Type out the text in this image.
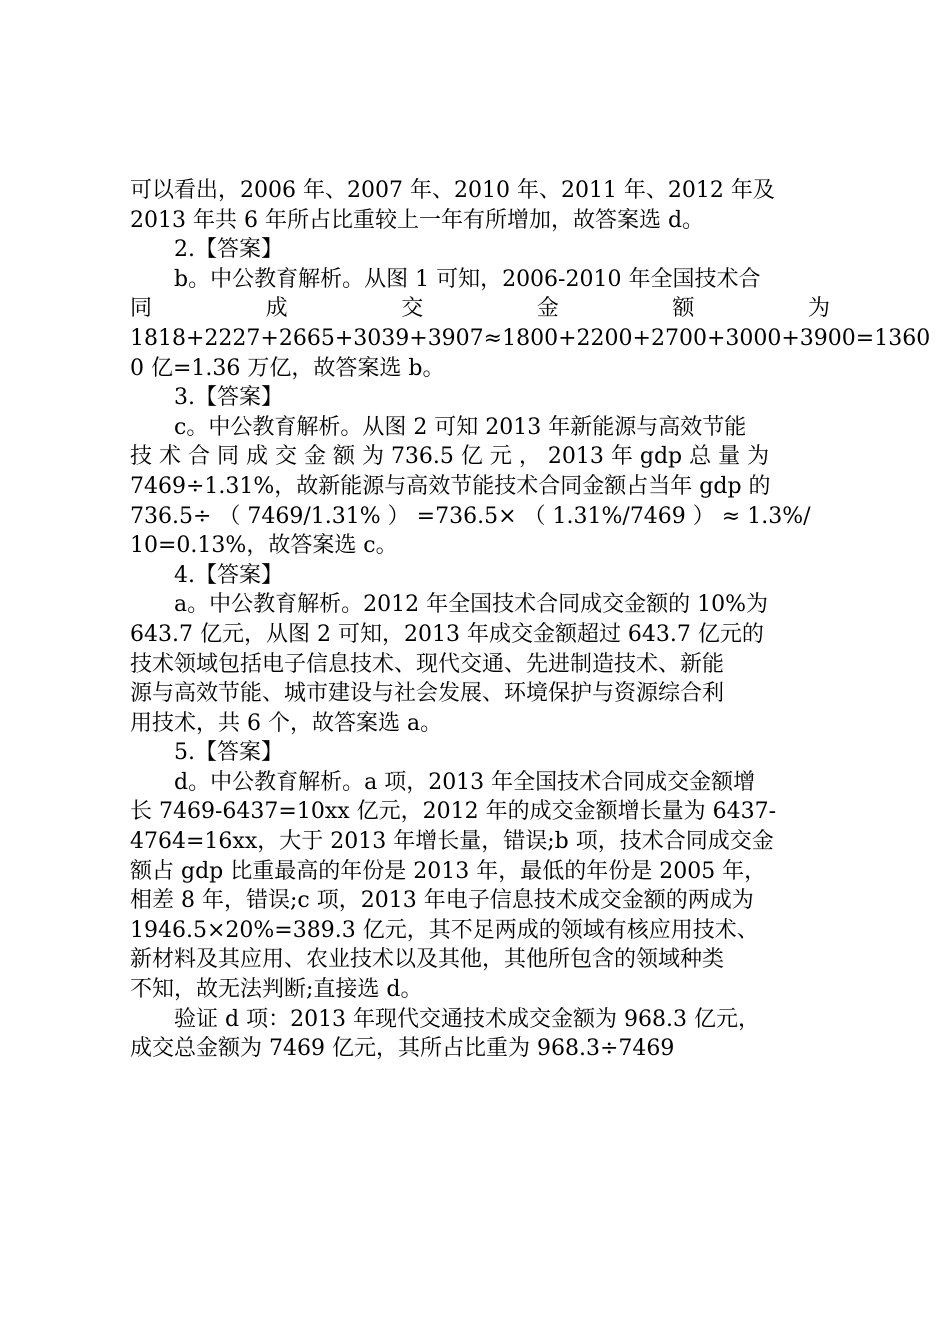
可以看出，2006 年、2007 年、2010 年、2011 年、2012 年及
2013 年共 6 年所占比重较上一年有所增加，故答案选 d。
2.【答案】
b。中公教育解析。从图 1 可知，2006-2010 年全国技术合
同	成	交	金	额	为
1818+2227+2665+3039+3907≈1800+2200+2700+3000+3900=1360
0 亿=1.36 万亿，故答案选 b。
3.【答案】
c。中公教育解析。从图 2 可知 2013 年新能源与高效节能
技 术 合 同 成 交 金 额 为 736.5 亿 元 ， 2013 年 gdp 总 量 为
7469÷1.31%，故新能源与高效节能技术合同金额占当年 gdp 的
736.5÷ （ 7469/1.31% ） =736.5× （ 1.31%/7469 ） ≈ 1.3%/
10=0.13%，故答案选 c。
4.【答案】
a。中公教育解析。2012 年全国技术合同成交金额的 10%为
643.7 亿元，从图 2 可知，2013 年成交金额超过 643.7 亿元的
技术领域包括电子信息技术、现代交通、先进制造技术、新能
源与高效节能、城市建设与社会发展、环境保护与资源综合利
用技术，共 6 个，故答案选 a。
5.【答案】
d。中公教育解析。a 项，2013 年全国技术合同成交金额增
长 7469-6437=10xx 亿元，2012 年的成交金额增长量为 6437-
4764=16xx，大于 2013 年增长量，错误;b 项，技术合同成交金
额占 gdp 比重最高的年份是 2013 年，最低的年份是 2005 年，
相差 8 年，错误;c 项，2013 年电子信息技术成交金额的两成为
1946.5×20%=389.3 亿元，其不足两成的领域有核应用技术、
新材料及其应用、农业技术以及其他，其他所包含的领域种类
不知，故无法判断;直接选 d。
验证 d 项：2013 年现代交通技术成交金额为 968.3 亿元，
成交总金额为 7469 亿元，其所占比重为 968.3÷7469
